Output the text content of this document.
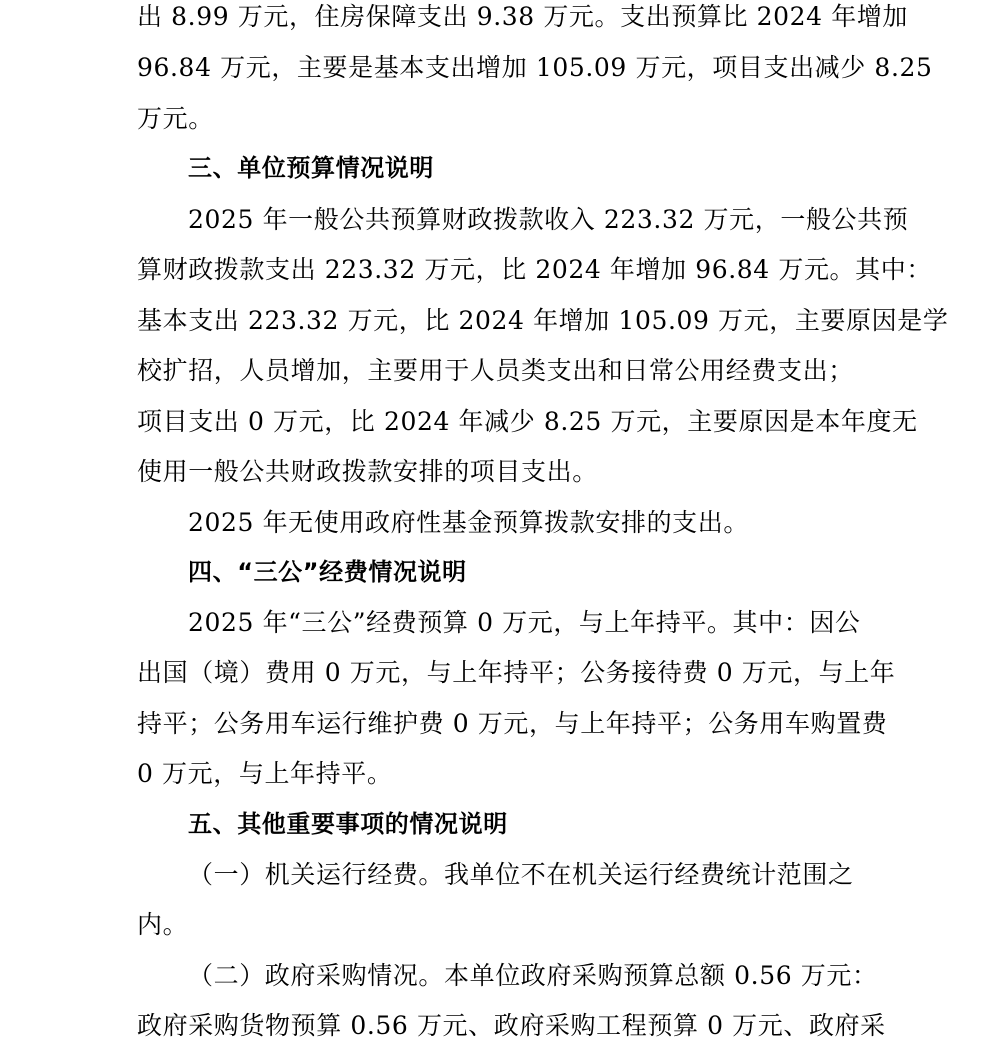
出 8.99 万元，住房保障支出 9.38 万元。支出预算比 2024 年增加
96.84 万元，主要是基本支出增加 105.09 万元，项目支出减少 8.25
万元。
三、单位预算情况说明
2025 年一般公共预算财政拨款收入 223.32 万元，一般公共预
算财政拨款支出 223.32 万元，比 2024 年增加 96.84 万元。其中：
基本支出 223.32 万元，比 2024 年增加 105.09 万元，主要原因是学
校扩招，人员增加，主要用于人员类支出和日常公用经费支出；
项目支出 0 万元，比 2024 年减少 8.25 万元，主要原因是本年度无
使用一般公共财政拨款安排的项目支出。
2025 年无使用政府性基金预算拨款安排的支出。
四、“三公”经费情况说明
2025 年“三公”经费预算 0 万元，与上年持平。其中：因公
出国（境）费用 0 万元，与上年持平；公务接待费 0 万元，与上年
持平；公务用车运行维护费 0 万元，与上年持平；公务用车购置费
0 万元，与上年持平。
五、其他重要事项的情况说明
（一）机关运行经费。我单位不在机关运行经费统计范围之
内。
（二）政府采购情况。本单位政府采购预算总额 0.56 万元：
政府采购货物预算 0.56 万元、政府采购工程预算 0 万元、政府采
